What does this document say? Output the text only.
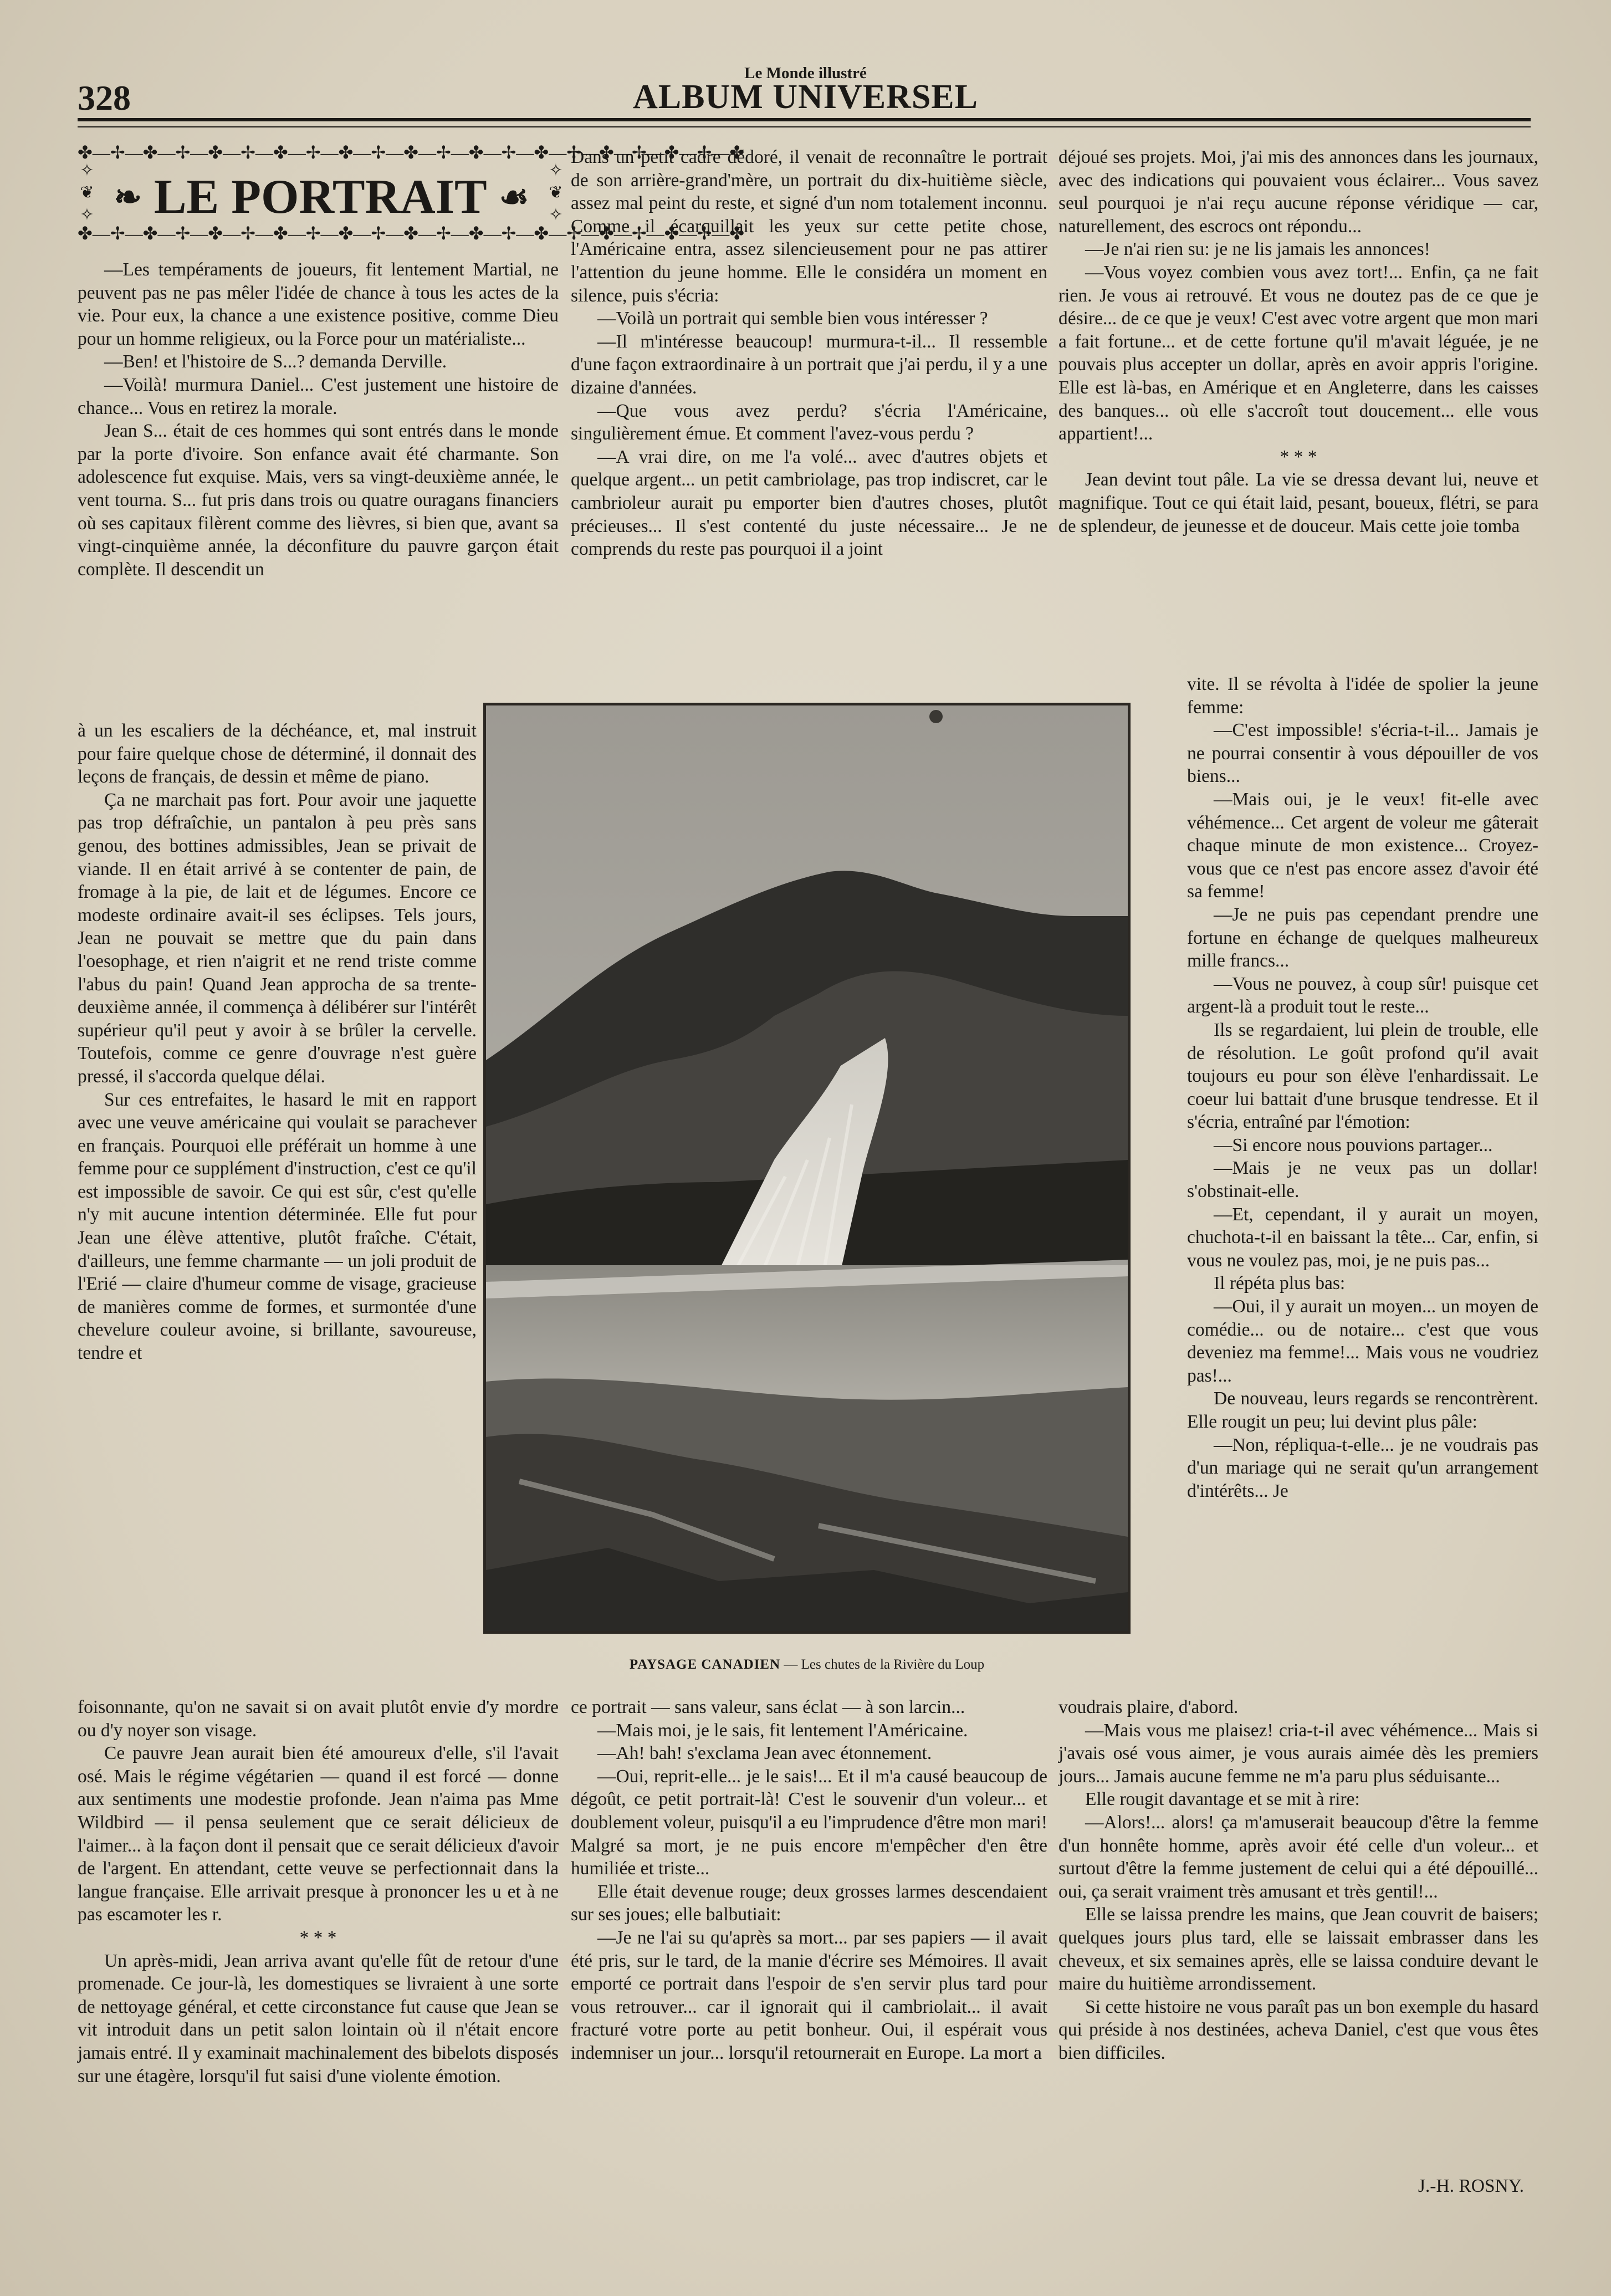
Le Monde illustré
ALBUM UNIVERSEL
328
✤—✢—✤—✢—✤—✢—✤—✢—✤—✢—✤—✢—✤—✢—✤—✢—✤—✢—✤—✢—✤
✧
❦
✧ ❧ LE PORTRAIT ☙
✧
❦
✧
✤—✢—✤—✢—✤—✢—✤—✢—✤—✢—✤—✢—✤—✢—✤—✢—✤—✢—✤—✢—✤

—Les tempéraments de joueurs, fit lentement Martial, ne peuvent pas ne pas mêler l'idée de chance à tous les actes de la vie. Pour eux, la chance a une existence positive, comme Dieu pour un homme religieux, ou la Force pour un matérialiste...

—Ben! et l'histoire de S...? demanda Derville.

—Voilà! murmura Daniel... C'est justement une histoire de chance... Vous en retirez la morale.

Jean S... était de ces hommes qui sont entrés dans le monde par la porte d'ivoire. Son enfance avait été charmante. Son adolescence fut exquise. Mais, vers sa vingt-deuxième année, le vent tourna. S... fut pris dans trois ou quatre ouragans financiers où ses capitaux filèrent comme des lièvres, si bien que, avant sa vingt-cinquième année, la déconfiture du pauvre garçon était complète. Il descendit un

à un les escaliers de la déchéance, et, mal instruit pour faire quelque chose de déterminé, il donnait des leçons de français, de dessin et même de piano.

Ça ne marchait pas fort. Pour avoir une jaquette pas trop défraîchie, un pantalon à peu près sans genou, des bottines admissibles, Jean se privait de viande. Il en était arrivé à se contenter de pain, de fromage à la pie, de lait et de légumes. Encore ce modeste ordinaire avait-il ses éclipses. Tels jours, Jean ne pouvait se mettre que du pain dans l'oesophage, et rien n'aigrit et ne rend triste comme l'abus du pain! Quand Jean approcha de sa trente-deuxième année, il commença à délibérer sur l'intérêt supérieur qu'il peut y avoir à se brûler la cervelle. Toutefois, comme ce genre d'ouvrage n'est guère pressé, il s'accorda quelque délai.

Sur ces entrefaites, le hasard le mit en rapport avec une veuve américaine qui voulait se parachever en français. Pourquoi elle préférait un homme à une femme pour ce supplément d'instruction, c'est ce qu'il est impossible de savoir. Ce qui est sûr, c'est qu'elle n'y mit aucune intention déterminée. Elle fut pour Jean une élève attentive, plutôt fraîche. C'était, d'ailleurs, une femme charmante — un joli produit de l'Erié — claire d'humeur comme de visage, gracieuse de manières comme de formes, et surmontée d'une chevelure couleur avoine, si brillante, savoureuse, tendre et

foisonnante, qu'on ne savait si on avait plutôt envie d'y mordre ou d'y noyer son visage.

Ce pauvre Jean aurait bien été amoureux d'elle, s'il l'avait osé. Mais le régime végétarien — quand il est forcé — donne aux sentiments une modestie profonde. Jean n'aima pas Mme Wildbird — il pensa seulement que ce serait délicieux de l'aimer... à la façon dont il pensait que ce serait délicieux d'avoir de l'argent. En attendant, cette veuve se perfectionnait dans la langue française. Elle arrivait presque à prononcer les u et à ne pas escamoter les r.

* * *

Un après-midi, Jean arriva avant qu'elle fût de retour d'une promenade. Ce jour-là, les domestiques se livraient à une sorte de nettoyage général, et cette circonstance fut cause que Jean se vit introduit dans un petit salon lointain où il n'était encore jamais entré. Il y examinait machinalement des bibelots disposés sur une étagère, lorsqu'il fut saisi d'une violente émotion.

Dans un petit cadre dédoré, il venait de reconnaître le portrait de son arrière-grand'mère, un portrait du dix-huitième siècle, assez mal peint du reste, et signé d'un nom totalement inconnu. Comme il écarquillait les yeux sur cette petite chose, l'Américaine entra, assez silencieusement pour ne pas attirer l'attention du jeune homme. Elle le considéra un moment en silence, puis s'écria:

—Voilà un portrait qui semble bien vous intéresser ?

—Il m'intéresse beaucoup! murmura-t-il... Il ressemble d'une façon extraordinaire à un portrait que j'ai perdu, il y a une dizaine d'années.

—Que vous avez perdu? s'écria l'Américaine, singulièrement émue. Et comment l'avez-vous perdu ?

—A vrai dire, on me l'a volé... avec d'autres objets et quelque argent... un petit cambriolage, pas trop indiscret, car le cambrioleur aurait pu emporter bien d'autres choses, plutôt précieuses... Il s'est contenté du juste nécessaire... Je ne comprends du reste pas pourquoi il a joint

ce portrait — sans valeur, sans éclat — à son larcin...

—Mais moi, je le sais, fit lentement l'Américaine.

—Ah! bah! s'exclama Jean avec étonnement.

—Oui, reprit-elle... je le sais!... Et il m'a causé beaucoup de dégoût, ce petit portrait-là! C'est le souvenir d'un voleur... et doublement voleur, puisqu'il a eu l'imprudence d'être mon mari! Malgré sa mort, je ne puis encore m'empêcher d'en être humiliée et triste...

Elle était devenue rouge; deux grosses larmes descendaient sur ses joues; elle balbutiait:

—Je ne l'ai su qu'après sa mort... par ses papiers — il avait été pris, sur le tard, de la manie d'écrire ses Mémoires. Il avait emporté ce portrait dans l'espoir de s'en servir plus tard pour vous retrouver... car il ignorait qui il cambriolait... il avait fracturé votre porte au petit bonheur. Oui, il espérait vous indemniser un jour... lorsqu'il retournerait en Europe. La mort a

déjoué ses projets. Moi, j'ai mis des annonces dans les journaux, avec des indications qui pouvaient vous éclairer... Vous savez seul pourquoi je n'ai reçu aucune réponse véridique — car, naturellement, des escrocs ont répondu...

—Je n'ai rien su: je ne lis jamais les annonces!

—Vous voyez combien vous avez tort!... Enfin, ça ne fait rien. Je vous ai retrouvé. Et vous ne doutez pas de ce que je désire... de ce que je veux! C'est avec votre argent que mon mari a fait fortune... et de cette fortune qu'il m'avait léguée, je ne pouvais plus accepter un dollar, après en avoir appris l'origine. Elle est là-bas, en Amérique et en Angleterre, dans les caisses des banques... où elle s'accroît tout doucement... elle vous appartient!...

* * *

Jean devint tout pâle. La vie se dressa devant lui, neuve et magnifique. Tout ce qui était laid, pesant, boueux, flétri, se para de splendeur, de jeunesse et de douceur. Mais cette joie tomba

vite. Il se révolta à l'idée de spolier la jeune femme:

—C'est impossible! s'écria-t-il... Jamais je ne pourrai consentir à vous dépouiller de vos biens...

—Mais oui, je le veux! fit-elle avec véhémence... Cet argent de voleur me gâterait chaque minute de mon existence... Croyez-vous que ce n'est pas encore assez d'avoir été sa femme!

—Je ne puis pas cependant prendre une fortune en échange de quelques malheureux mille francs...

—Vous ne pouvez, à coup sûr! puisque cet argent-là a produit tout le reste...

Ils se regardaient, lui plein de trouble, elle de résolution. Le goût profond qu'il avait toujours eu pour son élève l'enhardissait. Le coeur lui battait d'une brusque tendresse. Et il s'écria, entraîné par l'émotion:

—Si encore nous pouvions partager...

—Mais je ne veux pas un dollar! s'obstinait-elle.

—Et, cependant, il y aurait un moyen, chuchota-t-il en baissant la tête... Car, enfin, si vous ne voulez pas, moi, je ne puis pas...

Il répéta plus bas:

—Oui, il y aurait un moyen... un moyen de comédie... ou de notaire... c'est que vous deveniez ma femme!... Mais vous ne voudriez pas!...

De nouveau, leurs regards se rencontrèrent. Elle rougit un peu; lui devint plus pâle:

—Non, répliqua-t-elle... je ne voudrais pas d'un mariage qui ne serait qu'un arrangement d'intérêts... Je

voudrais plaire, d'abord.

—Mais vous me plaisez! cria-t-il avec véhémence... Mais si j'avais osé vous aimer, je vous aurais aimée dès les premiers jours... Jamais aucune femme ne m'a paru plus séduisante...

Elle rougit davantage et se mit à rire:

—Alors!... alors! ça m'amuserait beaucoup d'être la femme d'un honnête homme, après avoir été celle d'un voleur... et surtout d'être la femme justement de celui qui a été dépouillé... oui, ça serait vraiment très amusant et très gentil!...

Elle se laissa prendre les mains, que Jean couvrit de baisers; quelques jours plus tard, elle se laissait embrasser dans les cheveux, et six semaines après, elle se laissa conduire devant le maire du huitième arrondissement.

Si cette histoire ne vous paraît pas un bon exemple du hasard qui préside à nos destinées, acheva Daniel, c'est que vous êtes bien difficiles.

J.-H. ROSNY.

PAYSAGE CANADIEN — Les chutes de la Rivière du Loup
